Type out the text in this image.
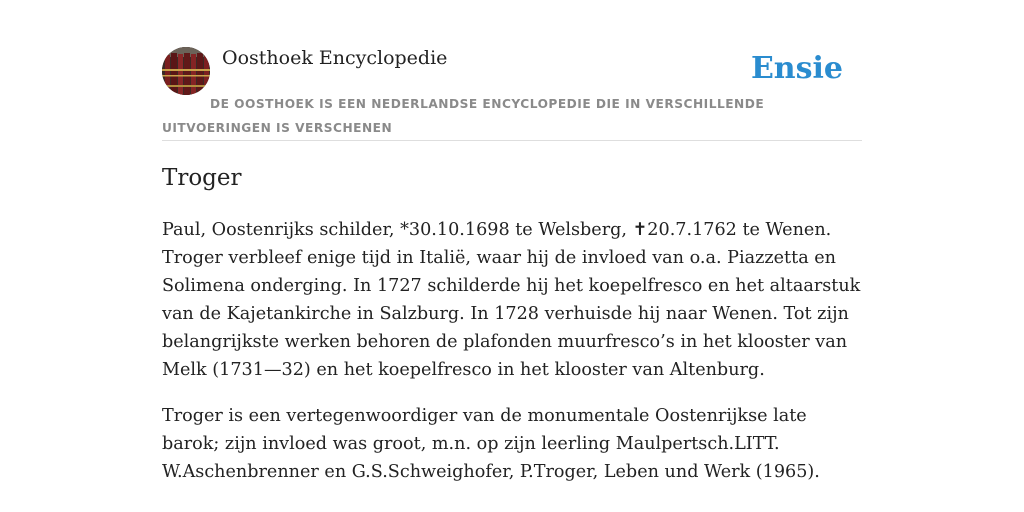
Oosthoek Encyclopedie	Ensie
DE OOSTHOEK IS EEN NEDERLANDSE ENCYCLOPEDIE DIE IN VERSCHILLENDE UITVOERINGEN IS VERSCHENEN
Troger

Paul, Oostenrijks schilder, *30.10.1698 te Welsberg, ✝20.7.1762 te Wenen. Troger verbleef enige tijd in Italië, waar hij de invloed van o.a. Piazzetta en Solimena onderging. In 1727 schilderde hij het koepelfresco en het altaarstuk van de Kajetankirche in Salzburg. In 1728 verhuisde hij naar Wenen. Tot zijn belangrijkste werken behoren de plafonden muurfresco’s in het klooster van Melk (1731—32) en het koepelfresco in het klooster van Altenburg.

Troger is een vertegenwoordiger van de monumentale Oostenrijkse late barok; zijn invloed was groot, m.n. op zijn leerling Maulpertsch.LITT. W.Aschenbrenner en G.S.Schweighofer, P.Troger, Leben und Werk (1965).
